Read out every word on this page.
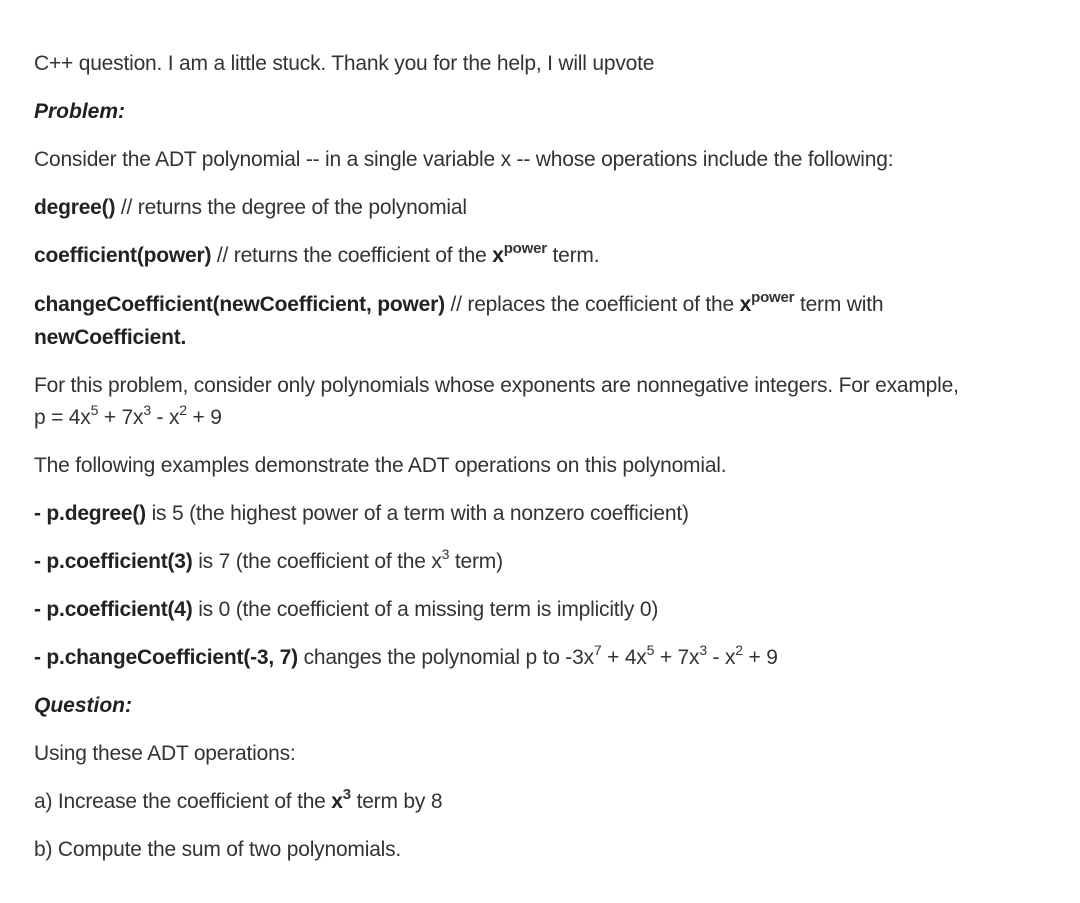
C++ question. I am a little stuck. Thank you for the help, I will upvote

Problem:

Consider the ADT polynomial -- in a single variable x -- whose operations include the following:

degree() // returns the degree of the polynomial

coefficient(power) // returns the coefficient of the $x^{power}$ term.

changeCoefficient(newCoefficient, power) // replaces the coefficient of the $x^{power}$ term with
newCoefficient.

For this problem, consider only polynomials whose exponents are nonnegative integers. For example,
$p = 4x^5 + 7x^3 - x^2 + 9$

The following examples demonstrate the ADT operations on this polynomial.

- p.degree() is 5 (the highest power of a term with a nonzero coefficient)

- p.coefficient(3) is 7 (the coefficient of the $x^3$ term)

- p.coefficient(4) is 0 (the coefficient of a missing term is implicitly 0)

- p.changeCoefficient(-3, 7) changes the polynomial p to $-3x^7 + 4x^5 + 7x^3 - x^2 + 9$

Question:

Using these ADT operations:

a) Increase the coefficient of the $x^3$ term by 8

b) Compute the sum of two polynomials.
